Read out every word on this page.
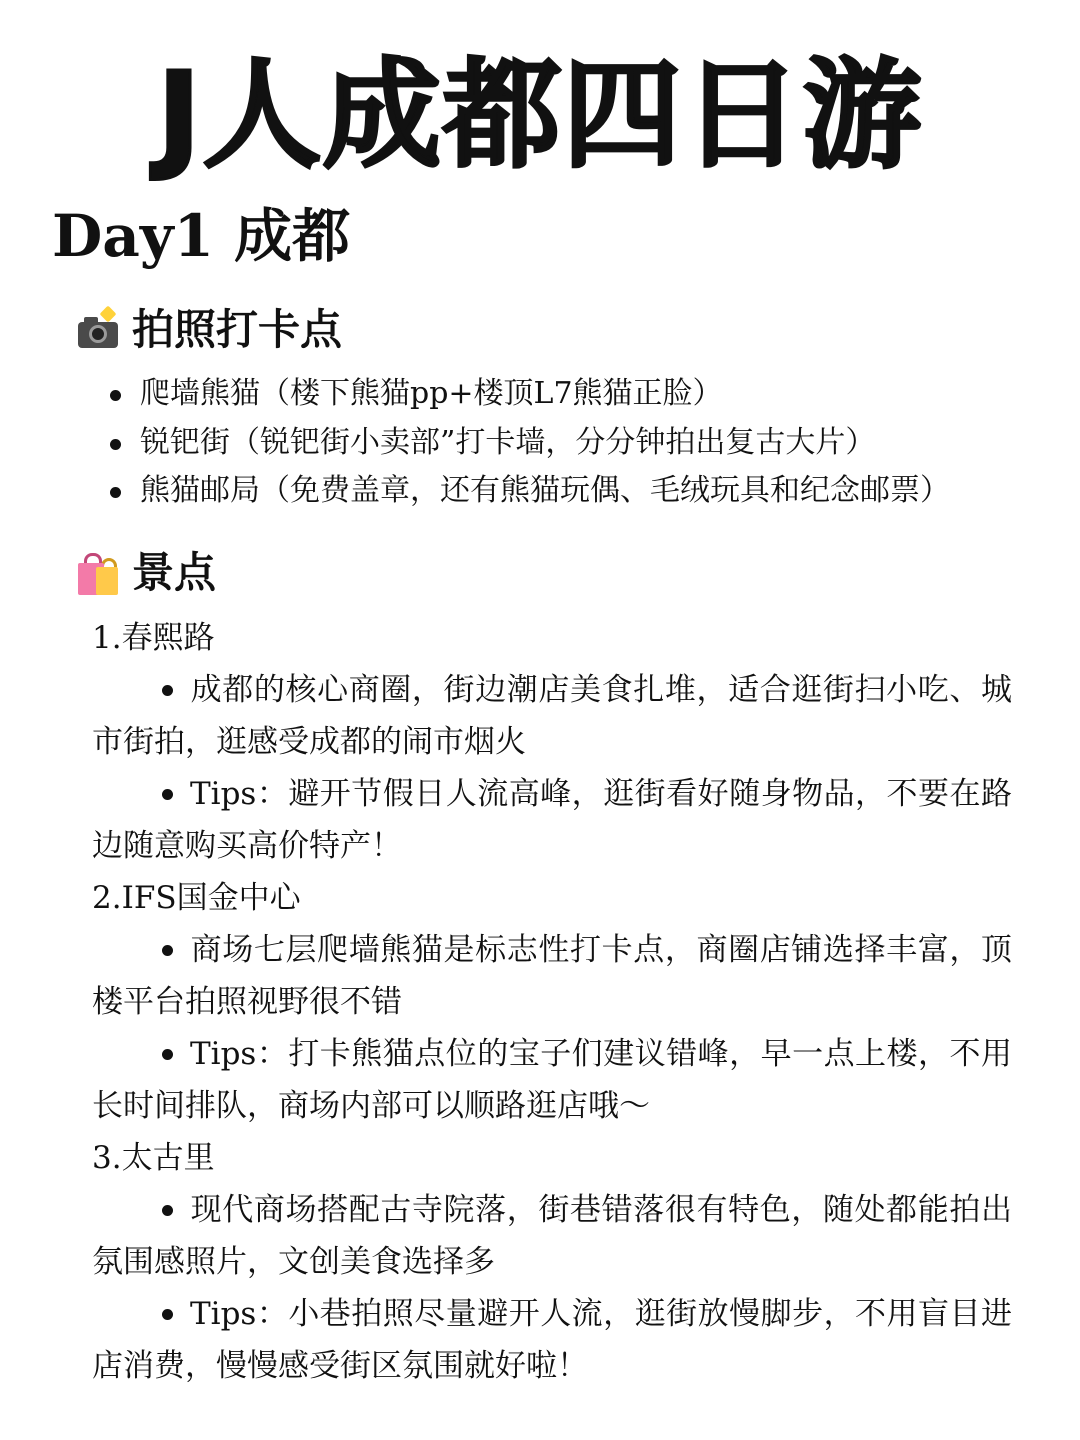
J人成都四日游
Day1 成都
拍照打卡点
爬墙熊猫（楼下熊猫pp+楼顶L7熊猫正脸）
锐钯街（锐钯街小卖部”打卡墙，分分钟拍出复古大片）
熊猫邮局（免费盖章，还有熊猫玩偶、毛绒玩具和纪念邮票）
景点

1.春熙路

成都的核心商圈，街边潮店美食扎堆，适合逛街扫小吃、城市街拍，逛感受成都的闹市烟火

Tips：避开节假日人流高峰，逛街看好随身物品，不要在路边随意购买高价特产！

2.IFS国金中心

商场七层爬墙熊猫是标志性打卡点，商圈店铺选择丰富，顶楼平台拍照视野很不错

Tips：打卡熊猫点位的宝子们建议错峰，早一点上楼，不用长时间排队，商场内部可以顺路逛店哦～

3.太古里

现代商场搭配古寺院落，街巷错落很有特色，随处都能拍出氛围感照片，文创美食选择多

Tips：小巷拍照尽量避开人流，逛街放慢脚步，不用盲目进店消费，慢慢感受街区氛围就好啦！
